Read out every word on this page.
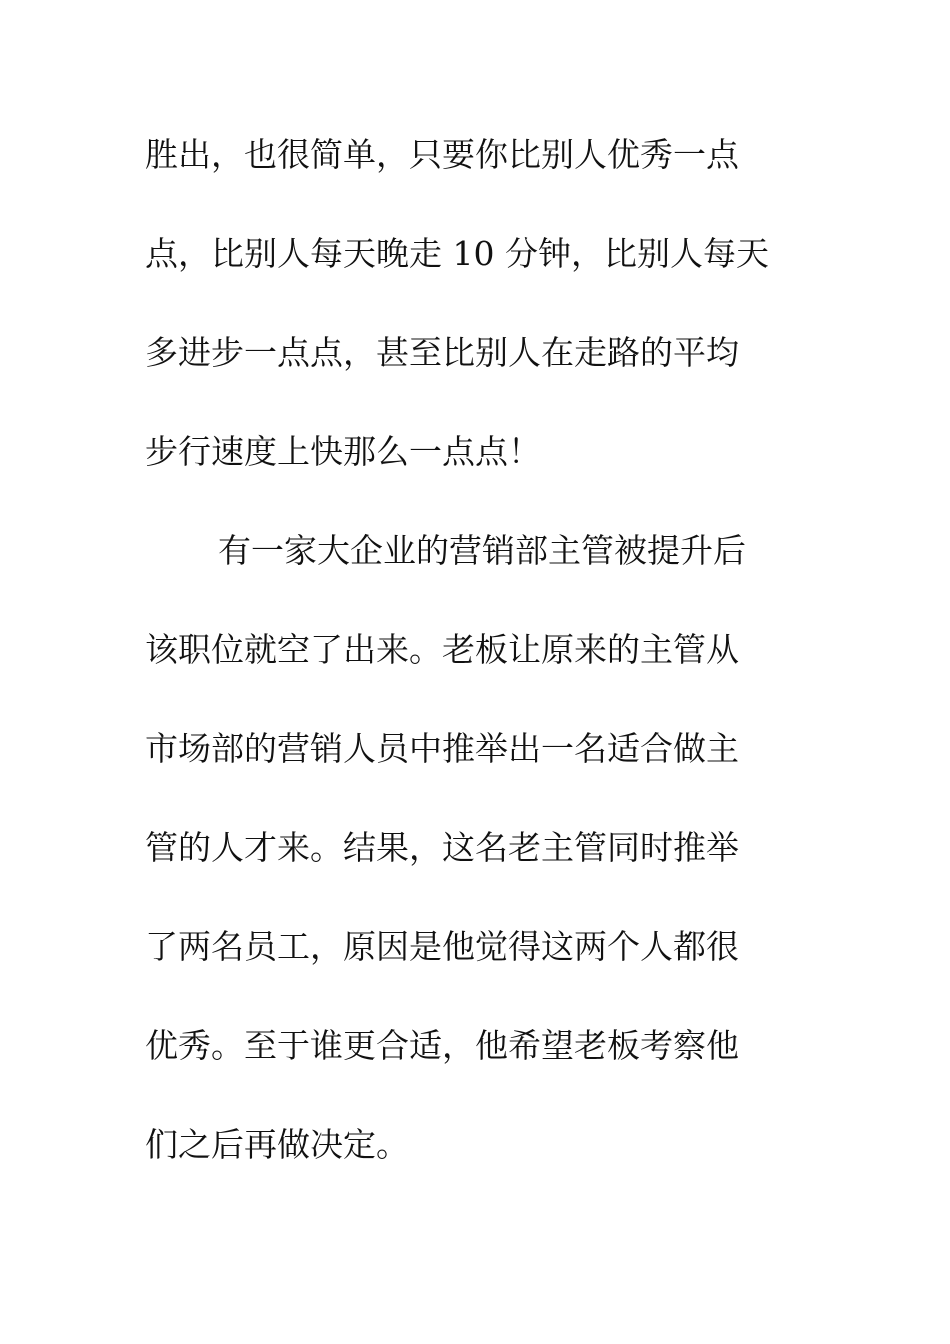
胜出，也很简单，只要你比别人优秀一点
点，比别人每天晚走 10 分钟，比别人每天
多进步一点点，甚至比别人在走路的平均
步行速度上快那么一点点！
有一家大企业的营销部主管被提升后
该职位就空了出来。老板让原来的主管从
市场部的营销人员中推举出一名适合做主
管的人才来。结果，这名老主管同时推举
了两名员工，原因是他觉得这两个人都很
优秀。至于谁更合适，他希望老板考察他
们之后再做决定。
